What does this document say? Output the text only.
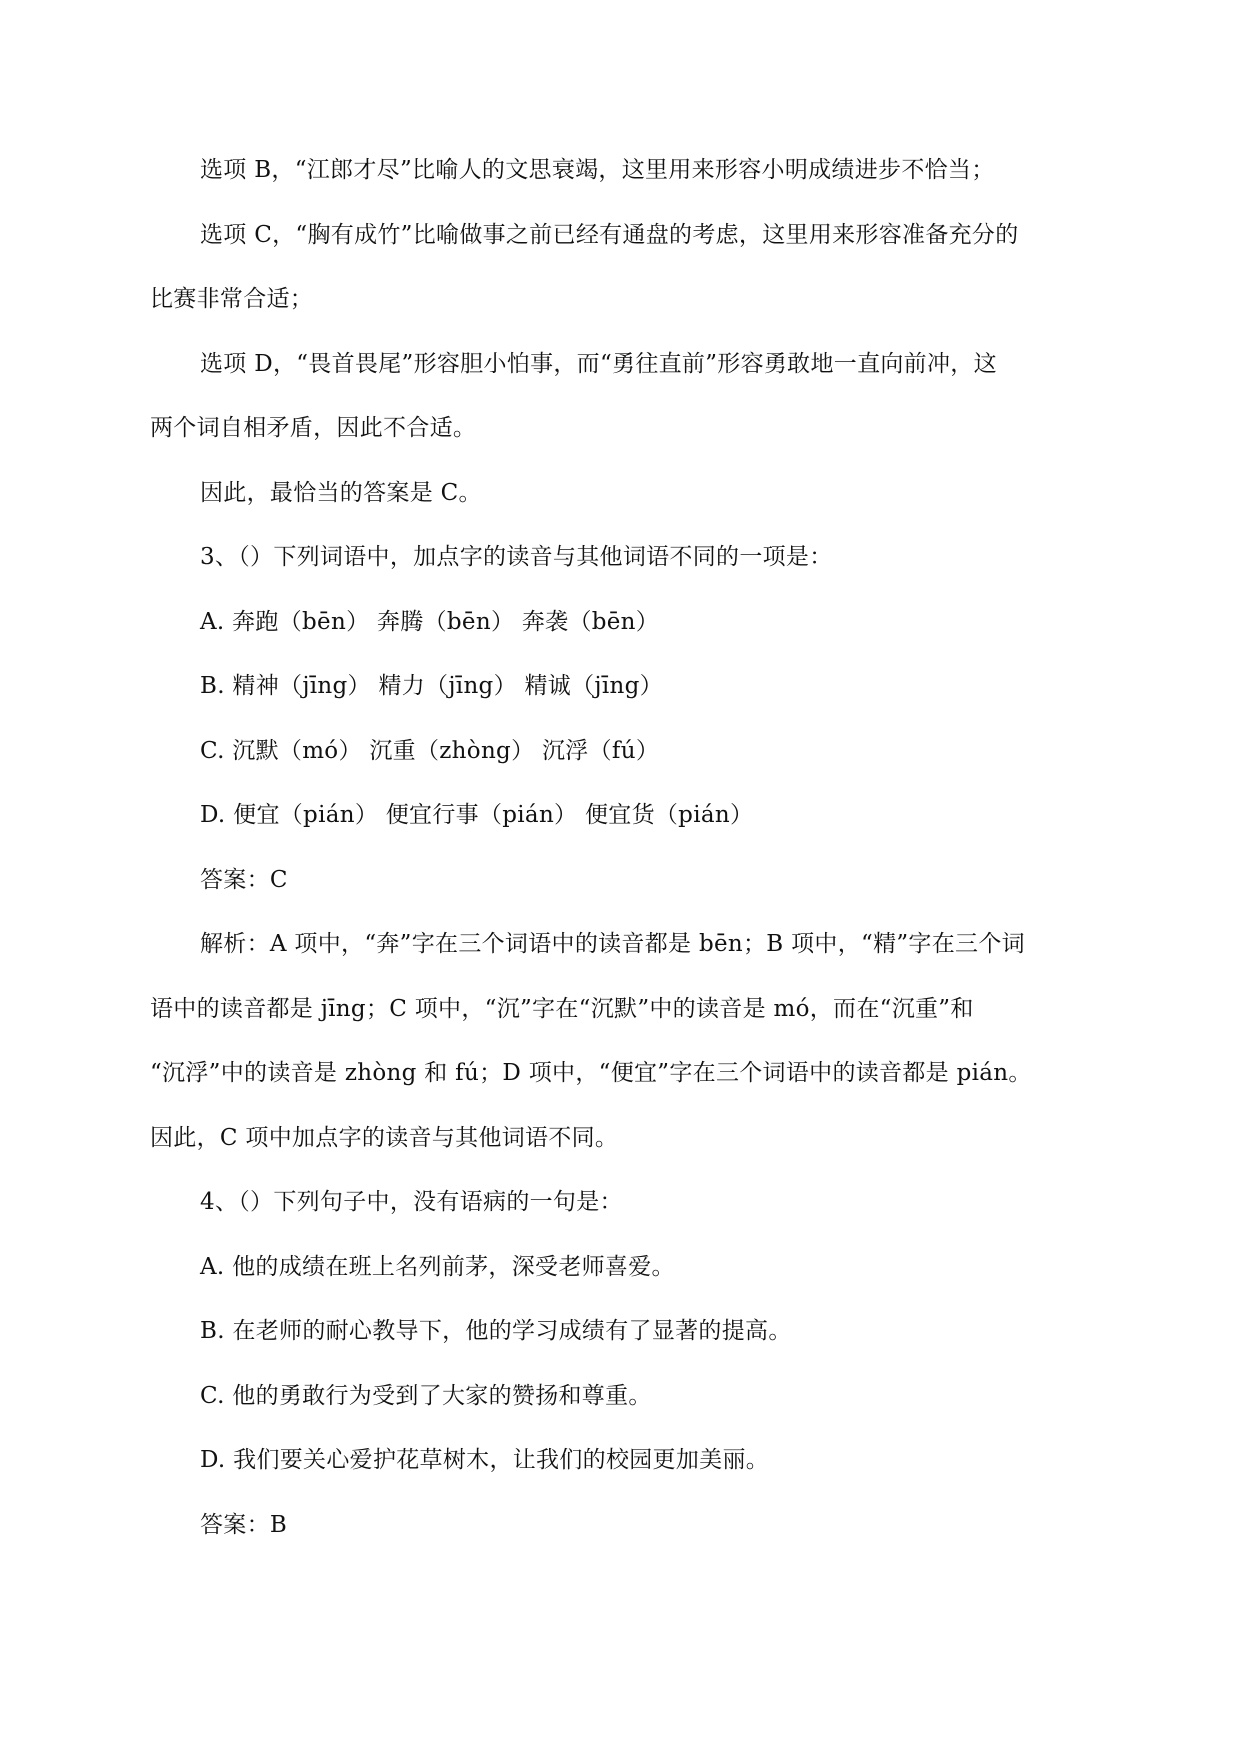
选项 B，“江郎才尽”比喻人的文思衰竭，这里用来形容小明成绩进步不恰当；
选项 C，“胸有成竹”比喻做事之前已经有通盘的考虑，这里用来形容准备充分的
比赛非常合适；
选项 D，“畏首畏尾”形容胆小怕事，而“勇往直前”形容勇敢地一直向前冲，这
两个词自相矛盾，因此不合适。
因此，最恰当的答案是 C。
3、（）下列词语中，加点字的读音与其他词语不同的一项是：
A. 奔跑（bēn） 奔腾（bēn） 奔袭（bēn）
B. 精神（jīng） 精力（jīng） 精诚（jīng）
C. 沉默（mó） 沉重（zhòng） 沉浮（fú）
D. 便宜（pián） 便宜行事（pián） 便宜货（pián）
答案：C
解析：A 项中，“奔”字在三个词语中的读音都是 bēn；B 项中，“精”字在三个词
语中的读音都是 jīng；C 项中，“沉”字在“沉默”中的读音是 mó，而在“沉重”和
“沉浮”中的读音是 zhòng 和 fú；D 项中，“便宜”字在三个词语中的读音都是 pián。
因此，C 项中加点字的读音与其他词语不同。
4、（）下列句子中，没有语病的一句是：
A. 他的成绩在班上名列前茅，深受老师喜爱。
B. 在老师的耐心教导下，他的学习成绩有了显著的提高。
C. 他的勇敢行为受到了大家的赞扬和尊重。
D. 我们要关心爱护花草树木，让我们的校园更加美丽。
答案：B
